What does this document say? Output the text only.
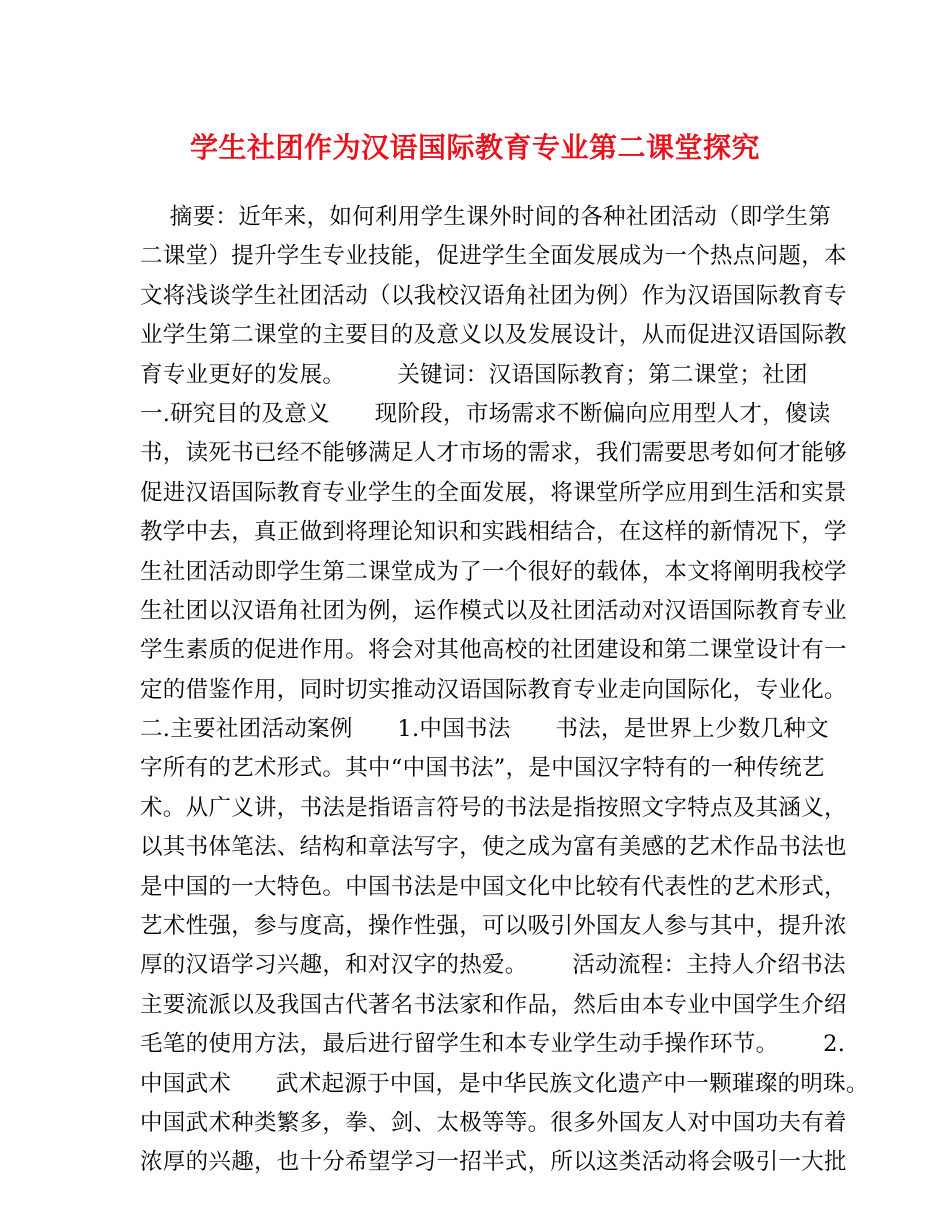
学生社团作为汉语国际教育专业第二课堂探究
摘要：近年来，如何利用学生课外时间的各种社团活动（即学生第
二课堂）提升学生专业技能，促进学生全面发展成为一个热点问题，本
文将浅谈学生社团活动（以我校汉语角社团为例）作为汉语国际教育专
业学生第二课堂的主要目的及意义以及发展设计，从而促进汉语国际教
育专业更好的发展。       关键词：汉语国际教育；第二课堂；社团
一.研究目的及意义      现阶段，市场需求不断偏向应用型人才，傻读
书，读死书已经不能够满足人才市场的需求，我们需要思考如何才能够
促进汉语国际教育专业学生的全面发展，将课堂所学应用到生活和实景
教学中去，真正做到将理论知识和实践相结合，在这样的新情况下，学
生社团活动即学生第二课堂成为了一个很好的载体，本文将阐明我校学
生社团以汉语角社团为例，运作模式以及社团活动对汉语国际教育专业
学生素质的促进作用。将会对其他高校的社团建设和第二课堂设计有一
定的借鉴作用，同时切实推动汉语国际教育专业走向国际化，专业化。
二.主要社团活动案例      1.中国书法      书法，是世界上少数几种文
字所有的艺术形式。其中“中国书法”，是中国汉字特有的一种传统艺
术。从广义讲，书法是指语言符号的书法是指按照文字特点及其涵义，
以其书体笔法、结构和章法写字，使之成为富有美感的艺术作品书法也
是中国的一大特色。中国书法是中国文化中比较有代表性的艺术形式，
艺术性强，参与度高，操作性强，可以吸引外国友人参与其中，提升浓
厚的汉语学习兴趣，和对汉字的热爱。      活动流程：主持人介绍书法
主要流派以及我国古代著名书法家和作品，然后由本专业中国学生介绍
毛笔的使用方法，最后进行留学生和本专业学生动手操作环节。      2.
中国武术      武术起源于中国，是中华民族文化遗产中一颗璀璨的明珠。
中国武术种类繁多，拳、剑、太极等等。很多外国友人对中国功夫有着
浓厚的兴趣，也十分希望学习一招半式，所以这类活动将会吸引一大批
